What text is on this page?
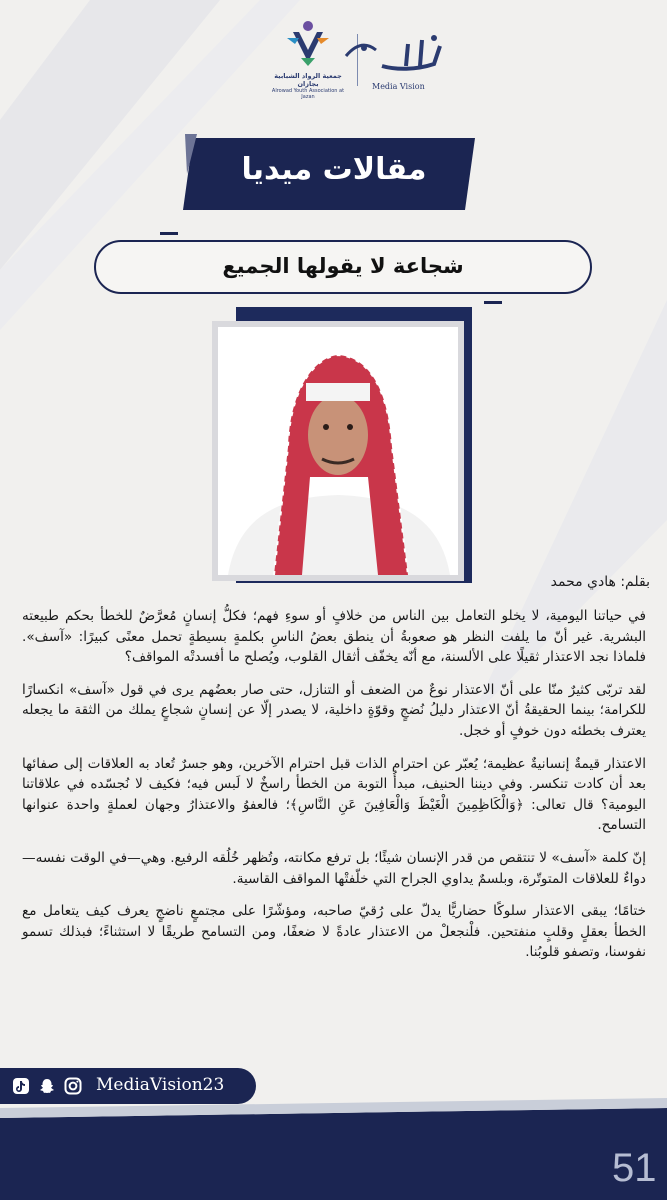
جمعية الرواد الشبابية بجازان
Alrowad Youth Association at Jazan
Media Vision
مقالات ميديا
شجاعة لا يقولها الجميع
بقلم: هادي محمد

في حياتنا اليومية، لا يخلو التعامل بين الناس من خلافٍ أو سوءِ فهم؛ فكلُّ إنسانٍ مُعرَّضٌ للخطأ بحكم طبيعته البشرية. غير أنّ ما يلفت النظر هو صعوبةُ أن ينطق بعضُ الناسِ بكلمةٍ بسيطةٍ تحمل معنًى كبيرًا: «آسف». فلماذا نجد الاعتذار ثقيلًا على الألسنة، مع أنّه يخفّف أثقال القلوب، ويُصلح ما أفسدتْه المواقف؟

لقد تربّى كثيرٌ منّا على أنّ الاعتذار نوعٌ من الضعف أو التنازل، حتى صار بعضُهم يرى في قول «آسف» انكسارًا للكرامة؛ بينما الحقيقةُ أنّ الاعتذار دليلُ نُضجٍ وقوّةٍ داخلية، لا يصدر إلّا عن إنسانٍ شجاعٍ يملك من الثقة ما يجعله يعترف بخطئه دون خوفٍ أو خجل.

الاعتذار قيمةٌ إنسانيةٌ عظيمة؛ يُعبّر عن احترام الذات قبل احترام الآخرين، وهو جسرٌ تُعاد به العلاقات إلى صفائها بعد أن كادت تنكسر. وفي ديننا الحنيف، مبدأُ التوبة من الخطأ راسخٌ لا لَبس فيه؛ فكيف لا نُجسّده في علاقاتنا اليومية؟ قال تعالى: ﴿وَالْكَاظِمِينَ الْغَيْظَ وَالْعَافِينَ عَنِ النَّاسِ﴾؛ فالعفوُ والاعتذارُ وجهان لعملةٍ واحدة عنوانها التسامح.

إنّ كلمة «آسف» لا تنتقص من قدر الإنسان شيئًا؛ بل ترفع مكانته، وتُظهر خُلُقه الرفيع. وهي—في الوقت نفسه—دواءٌ للعلاقات المتوتّرة، وبلسمٌ يداوي الجراح التي خلّفتْها المواقف القاسية.

ختامًا؛ يبقى الاعتذار سلوكًا حضاريًّا يدلّ على رُقيّ صاحبه، ومؤشّرًا على مجتمعٍ ناضجٍ يعرف كيف يتعامل مع الخطأ بعقلٍ وقلبٍ منفتحين. فلْنجعلْ من الاعتذار عادةً لا ضعفًا، ومن التسامح طريقًا لا استثناءً؛ فبذلك تسمو نفوسنا، وتصفو قلوبُنا.

MediaVision23
51
